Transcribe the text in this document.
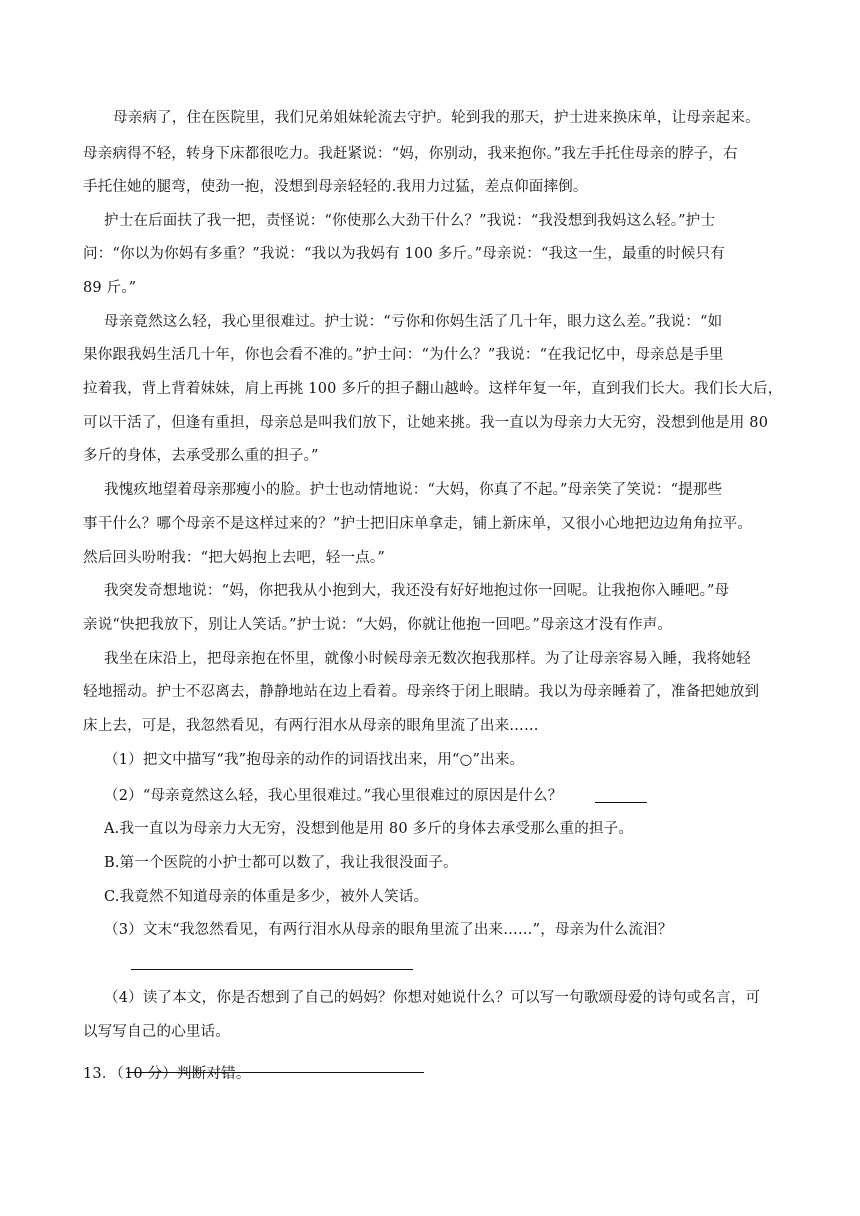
母亲病了，住在医院里，我们兄弟姐妹轮流去守护。轮到我的那天，护士进来换床单，让母亲起来。
母亲病得不轻，转身下床都很吃力。我赶紧说：“妈，你别动，我来抱你。”我左手托住母亲的脖子，右
手托住她的腿弯，使劲一抱，没想到母亲轻轻的.我用力过猛，差点仰面摔倒。
护士在后面扶了我一把，责怪说：“你使那么大劲干什么？”我说：“我没想到我妈这么轻。”护士
问：“你以为你妈有多重？”我说：“我以为我妈有 100 多斤。”母亲说：“我这一生，最重的时候只有
89 斤。”
母亲竟然这么轻，我心里很难过。护士说：“亏你和你妈生活了几十年，眼力这么差。”我说：“如
果你跟我妈生活几十年，你也会看不准的。”护士问：“为什么？”我说：“在我记忆中，母亲总是手里
拉着我，背上背着妹妹，肩上再挑 100 多斤的担子翻山越岭。这样年复一年，直到我们长大。我们长大后，
可以干活了，但逢有重担，母亲总是叫我们放下，让她来挑。我一直以为母亲力大无穷，没想到他是用 80
多斤的身体，去承受那么重的担子。”
我愧疚地望着母亲那瘦小的脸。护士也动情地说：“大妈，你真了不起。”母亲笑了笑说：“提那些
事干什么？哪个母亲不是这样过来的？”护士把旧床单拿走，铺上新床单，又很小心地把边边角角拉平。
然后回头吩咐我：“把大妈抱上去吧，轻一点。”
我突发奇想地说：“妈，你把我从小抱到大，我还没有好好地抱过你一回呢。让我抱你入睡吧。”母
亲说“快把我放下，别让人笑话。”护士说：“大妈，你就让他抱一回吧。”母亲这才没有作声。
我坐在床沿上，把母亲抱在怀里，就像小时候母亲无数次抱我那样。为了让母亲容易入睡，我将她轻
轻地摇动。护士不忍离去，静静地站在边上看着。母亲终于闭上眼睛。我以为母亲睡着了，准备把她放到
床上去，可是，我忽然看见，有两行泪水从母亲的眼角里流了出来……
（1）把文中描写“我”抱母亲的动作的词语找出来，用“○”出来。
（2）“母亲竟然这么轻，我心里很难过。”我心里很难过的原因是什么？
A.我一直以为母亲力大无穷，没想到他是用 80 多斤的身体去承受那么重的担子。
B.第一个医院的小护士都可以数了，我让我很没面子。
C.我竟然不知道母亲的体重是多少，被外人笑话。
（3）文末“我忽然看见，有两行泪水从母亲的眼角里流了出来……”，母亲为什么流泪？
（4）读了本文，你是否想到了自己的妈妈？你想对她说什么？可以写一句歌颂母爱的诗句或名言，可
以写写自己的心里话。
13．（10 分）判断对错。
